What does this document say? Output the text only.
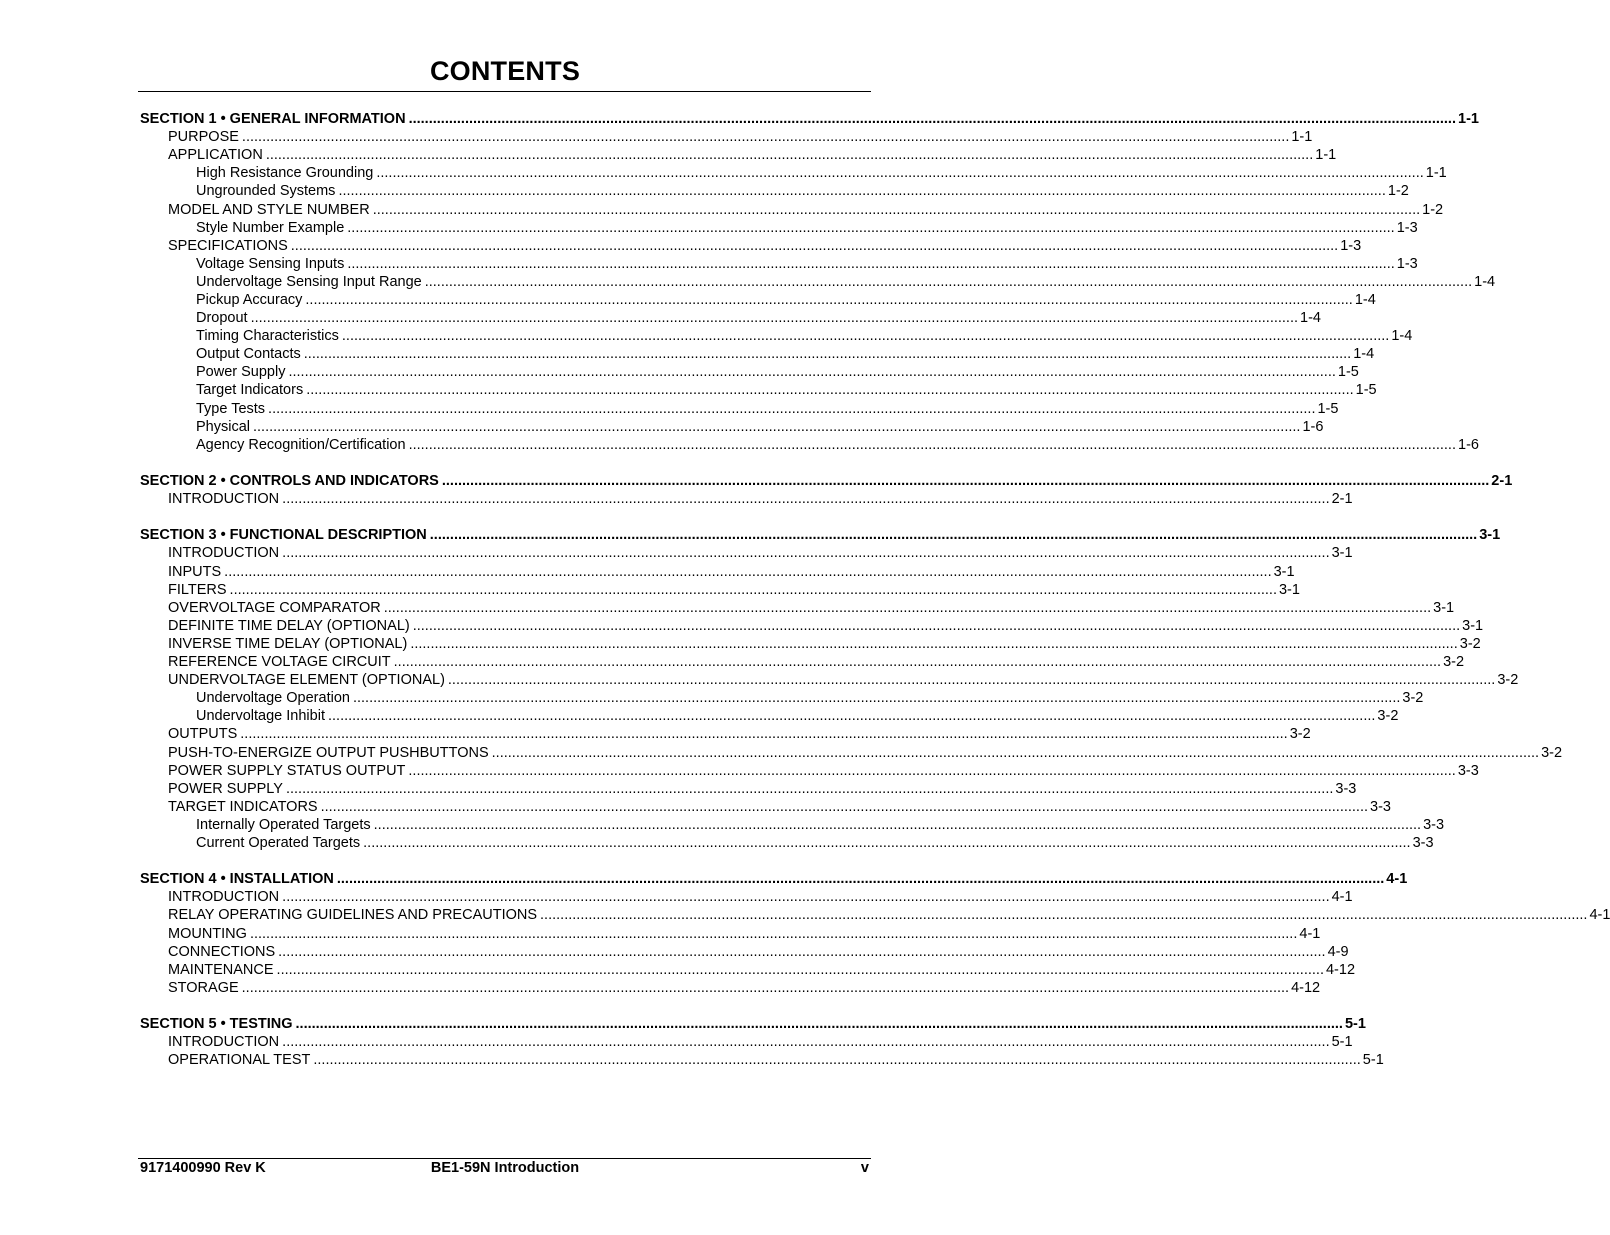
CONTENTS
SECTION 1 • GENERAL INFORMATION .................................................................................................................................................................................................................................................................... 1-1
PURPOSE .................................................................................................................................................................................................................................................................... 1-1
APPLICATION .................................................................................................................................................................................................................................................................... 1-1
High Resistance Grounding .................................................................................................................................................................................................................................................................... 1-1
Ungrounded Systems .................................................................................................................................................................................................................................................................... 1-2
MODEL AND STYLE NUMBER .................................................................................................................................................................................................................................................................... 1-2
Style Number Example .................................................................................................................................................................................................................................................................... 1-3
SPECIFICATIONS .................................................................................................................................................................................................................................................................... 1-3
Voltage Sensing Inputs .................................................................................................................................................................................................................................................................... 1-3
Undervoltage Sensing Input Range .................................................................................................................................................................................................................................................................... 1-4
Pickup Accuracy .................................................................................................................................................................................................................................................................... 1-4
Dropout .................................................................................................................................................................................................................................................................... 1-4
Timing Characteristics .................................................................................................................................................................................................................................................................... 1-4
Output Contacts .................................................................................................................................................................................................................................................................... 1-4
Power Supply .................................................................................................................................................................................................................................................................... 1-5
Target Indicators .................................................................................................................................................................................................................................................................... 1-5
Type Tests .................................................................................................................................................................................................................................................................... 1-5
Physical .................................................................................................................................................................................................................................................................... 1-6
Agency Recognition/Certification .................................................................................................................................................................................................................................................................... 1-6
SECTION 2 • CONTROLS AND INDICATORS .................................................................................................................................................................................................................................................................... 2-1
INTRODUCTION .................................................................................................................................................................................................................................................................... 2-1
SECTION 3 • FUNCTIONAL DESCRIPTION .................................................................................................................................................................................................................................................................... 3-1
INTRODUCTION .................................................................................................................................................................................................................................................................... 3-1
INPUTS .................................................................................................................................................................................................................................................................... 3-1
FILTERS .................................................................................................................................................................................................................................................................... 3-1
OVERVOLTAGE COMPARATOR .................................................................................................................................................................................................................................................................... 3-1
DEFINITE TIME DELAY (OPTIONAL) .................................................................................................................................................................................................................................................................... 3-1
INVERSE TIME DELAY (OPTIONAL) .................................................................................................................................................................................................................................................................... 3-2
REFERENCE VOLTAGE CIRCUIT .................................................................................................................................................................................................................................................................... 3-2
UNDERVOLTAGE ELEMENT (OPTIONAL) .................................................................................................................................................................................................................................................................... 3-2
Undervoltage Operation .................................................................................................................................................................................................................................................................... 3-2
Undervoltage Inhibit .................................................................................................................................................................................................................................................................... 3-2
OUTPUTS .................................................................................................................................................................................................................................................................... 3-2
PUSH-TO-ENERGIZE OUTPUT PUSHBUTTONS .................................................................................................................................................................................................................................................................... 3-2
POWER SUPPLY STATUS OUTPUT .................................................................................................................................................................................................................................................................... 3-3
POWER SUPPLY .................................................................................................................................................................................................................................................................... 3-3
TARGET INDICATORS .................................................................................................................................................................................................................................................................... 3-3
Internally Operated Targets .................................................................................................................................................................................................................................................................... 3-3
Current Operated Targets .................................................................................................................................................................................................................................................................... 3-3
SECTION 4 • INSTALLATION .................................................................................................................................................................................................................................................................... 4-1
INTRODUCTION .................................................................................................................................................................................................................................................................... 4-1
RELAY OPERATING GUIDELINES AND PRECAUTIONS .................................................................................................................................................................................................................................................................... 4-1
MOUNTING .................................................................................................................................................................................................................................................................... 4-1
CONNECTIONS .................................................................................................................................................................................................................................................................... 4-9
MAINTENANCE .................................................................................................................................................................................................................................................................... 4-12
STORAGE .................................................................................................................................................................................................................................................................... 4-12
SECTION 5 • TESTING .................................................................................................................................................................................................................................................................... 5-1
INTRODUCTION .................................................................................................................................................................................................................................................................... 5-1
OPERATIONAL TEST .................................................................................................................................................................................................................................................................... 5-1
9171400990 Rev K	BE1-59N Introduction	v
